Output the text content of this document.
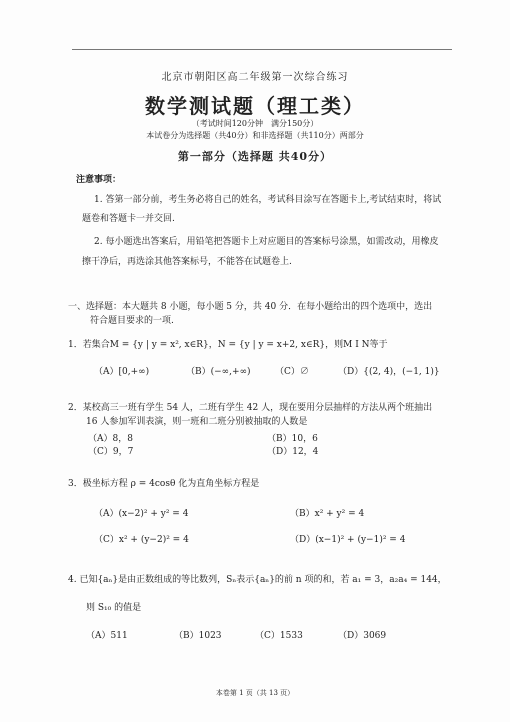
北京市朝阳区高二年级第一次综合练习
数学测试题（理工类）
（考试时间120分钟　满分150分）
本试卷分为选择题（共40分）和非选择题（共110分）两部分
第一部分（选择题 共40分）
注意事项：
1. 答第一部分前，考生务必将自己的姓名，考试科目涂写在答题卡上,考试结束时，将试
题卷和答题卡一并交回.
2. 每小题选出答案后，用铅笔把答题卡上对应题目的答案标号涂黑，如需改动，用橡皮
擦干净后，再选涂其他答案标号，不能答在试题卷上.
一、选择题：本大题共 8 小题，每小题 5 分，共 40 分．在每小题给出的四个选项中，选出
符合题目要求的一项.
1．若集合M = {y | y = x², x∈R}，N = {y | y = x+2, x∈R}，则M I N等于
（A）[0,+∞)	（B）(−∞,+∞)	（C）∅	（D）{(2, 4)，(−1, 1)}
2．某校高三一班有学生 54 人，二班有学生 42 人，现在要用分层抽样的方法从两个班抽出
16 人参加军训表演，则一班和二班分别被抽取的人数是
（A）8，8	（B）10，6
（C）9，7	（D）12，4
3．极坐标方程 ρ = 4cosθ 化为直角坐标方程是
（A）(x−2)² + y² = 4	（B）x² + y² = 4
（C）x² + (y−2)² = 4	（D）(x−1)² + (y−1)² = 4
4. 已知{aₙ}是由正数组成的等比数列，Sₙ表示{aₙ}的前 n 项的和，若 a₁ = 3，a₂a₄ = 144，
则 S₁₀ 的值是
（A）511	（B）1023	（C）1533	（D）3069
本卷第 1 页（共 13 页）
